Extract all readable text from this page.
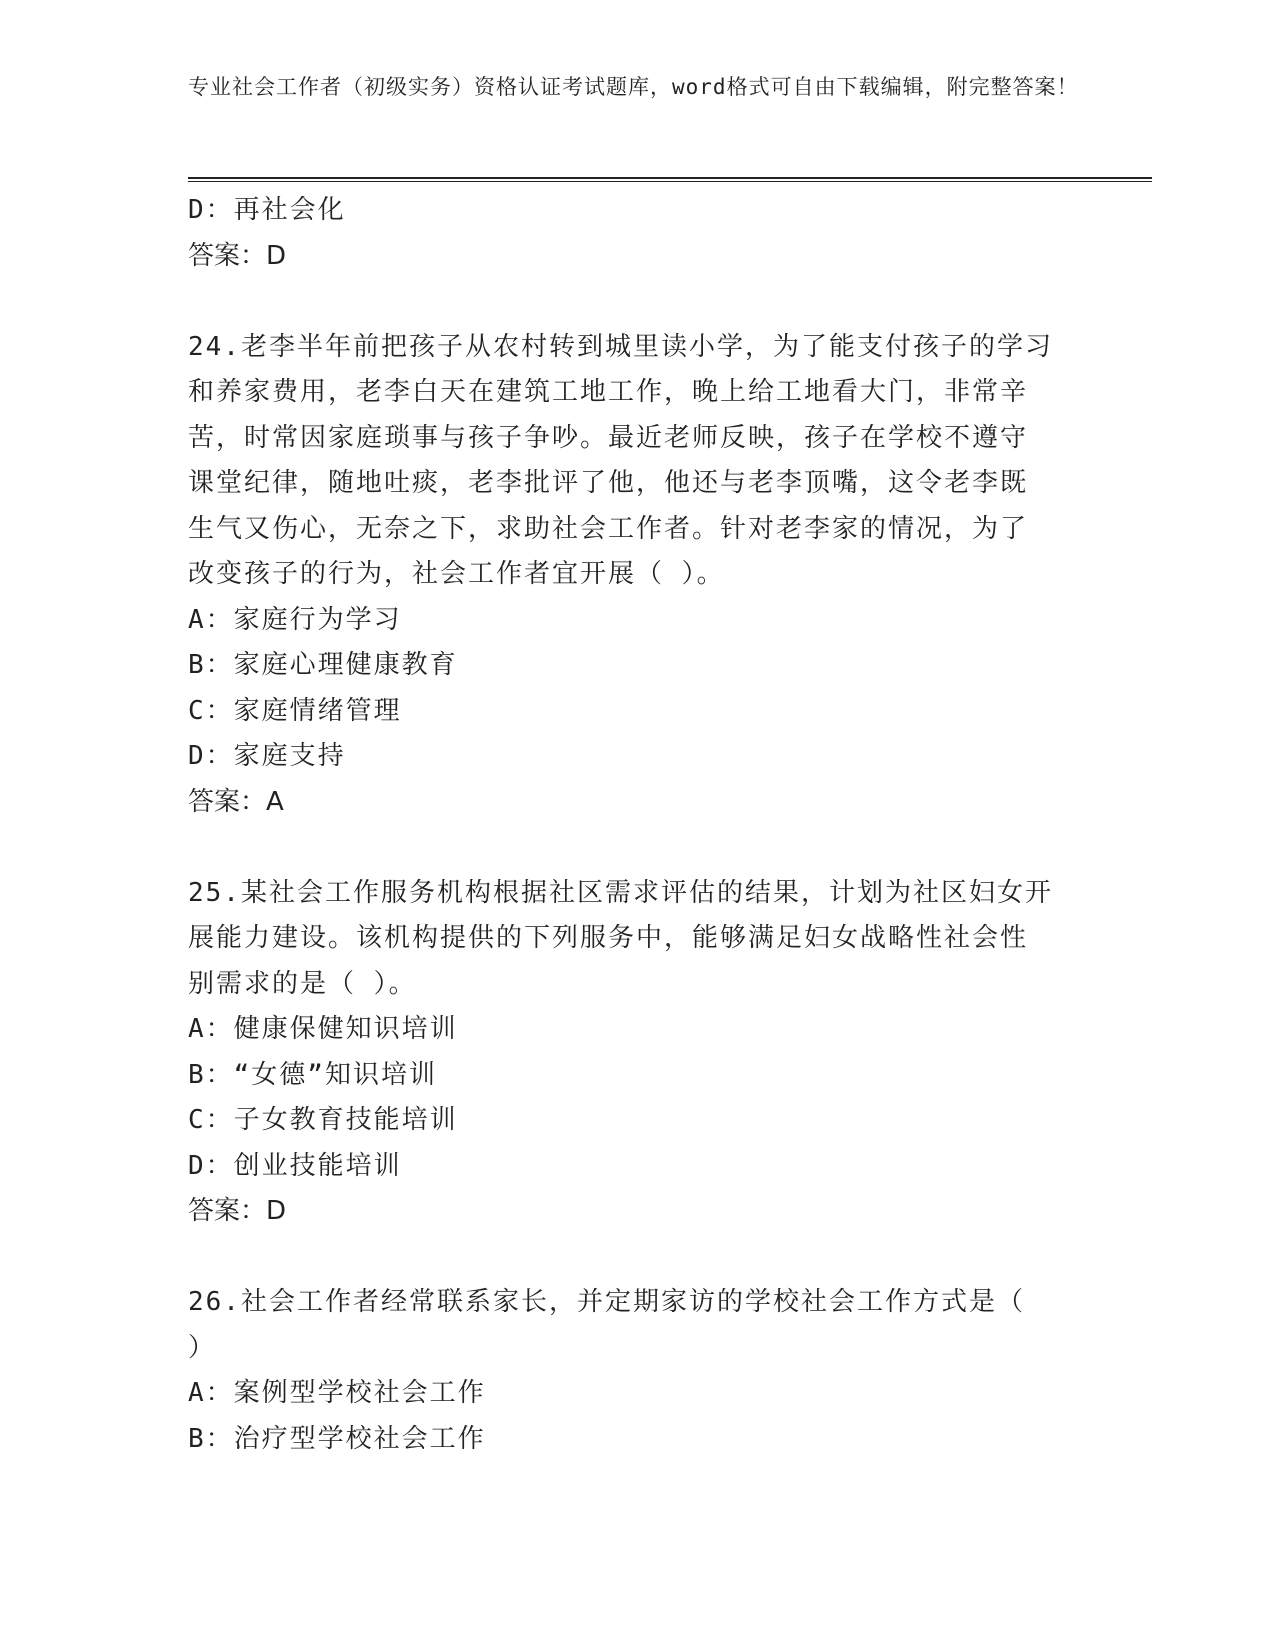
专业社会工作者（初级实务）资格认证考试题库，word格式可自由下载编辑，附完整答案！
D：再社会化
答案：D
24.老李半年前把孩子从农村转到城里读小学，为了能支付孩子的学习
和养家费用，老李白天在建筑工地工作，晚上给工地看大门，非常辛
苦，时常因家庭琐事与孩子争吵。最近老师反映，孩子在学校不遵守
课堂纪律，随地吐痰，老李批评了他，他还与老李顶嘴，这令老李既
生气又伤心，无奈之下，求助社会工作者。针对老李家的情况，为了
改变孩子的行为，社会工作者宜开展（ ）。
A：家庭行为学习
B：家庭心理健康教育
C：家庭情绪管理
D：家庭支持
答案：A
25.某社会工作服务机构根据社区需求评估的结果，计划为社区妇女开
展能力建设。该机构提供的下列服务中，能够满足妇女战略性社会性
别需求的是（ ）。
A：健康保健知识培训
B：“女德”知识培训
C：子女教育技能培训
D：创业技能培训
答案：D
26.社会工作者经常联系家长，并定期家访的学校社会工作方式是（
）
A：案例型学校社会工作
B：治疗型学校社会工作
